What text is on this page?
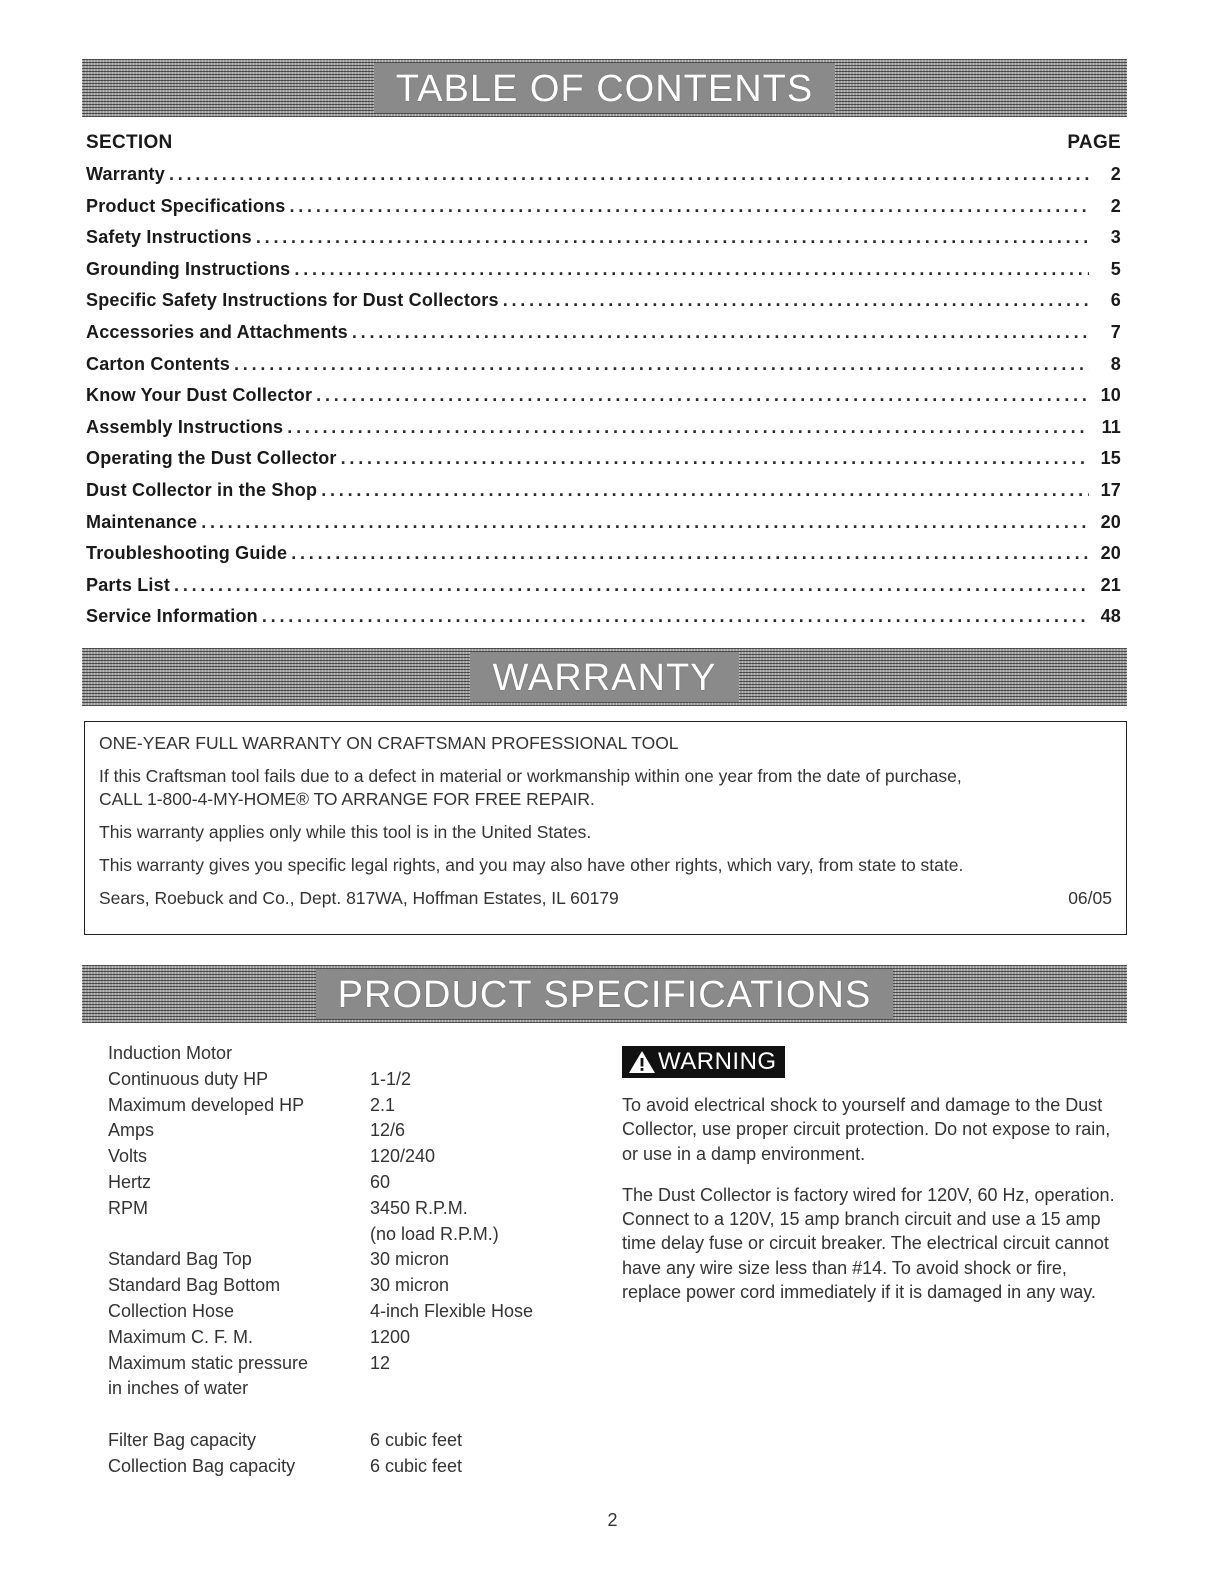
TABLE OF CONTENTS
SECTION	PAGE
Warranty . . .	2
Product Specifications . . .	2
Safety Instructions . . .	3
Grounding Instructions . . .	5
Specific Safety Instructions for Dust Collectors . . .	6
Accessories and Attachments . . .	7
Carton Contents . . .	8
Know Your Dust Collector . . .	10
Assembly Instructions . . .	11
Operating the Dust Collector . . .	15
Dust Collector in the Shop . . .	17
Maintenance . . .	20
Troubleshooting Guide . . .	20
Parts List . . .	21
Service Information . . .	48
WARRANTY

ONE-YEAR FULL WARRANTY ON CRAFTSMAN PROFESSIONAL TOOL

If this Craftsman tool fails due to a defect in material or workmanship within one year from the date of purchase,
CALL 1-800-4-MY-HOME® TO ARRANGE FOR FREE REPAIR.

This warranty applies only while this tool is in the United States.

This warranty gives you specific legal rights, and you may also have other rights, which vary, from state to state.

Sears, Roebuck and Co., Dept. 817WA, Hoffman Estates, IL 60179	06/05

PRODUCT SPECIFICATIONS
Induction Motor
Continuous duty HP	1-1/2
Maximum developed HP	2.1
Amps	12/6
Volts	120/240
Hertz	60
RPM	3450 R.P.M.
(no load R.P.M.)
Standard Bag Top	30 micron
Standard Bag Bottom	30 micron
Collection Hose	4-inch Flexible Hose
Maximum C. F. M.	1200
Maximum static pressure	12
in inches of water
Filter Bag capacity	6 cubic feet
Collection Bag capacity	6 cubic feet
WARNING

To avoid electrical shock to yourself and damage to the Dust Collector, use proper circuit protection. Do not expose to rain, or use in a damp environment.

The Dust Collector is factory wired for 120V, 60 Hz, operation. Connect to a 120V, 15 amp branch circuit and use a 15 amp time delay fuse or circuit breaker. The electrical circuit cannot have any wire size less than #14. To avoid shock or fire, replace power cord immediately if it is damaged in any way.

2
